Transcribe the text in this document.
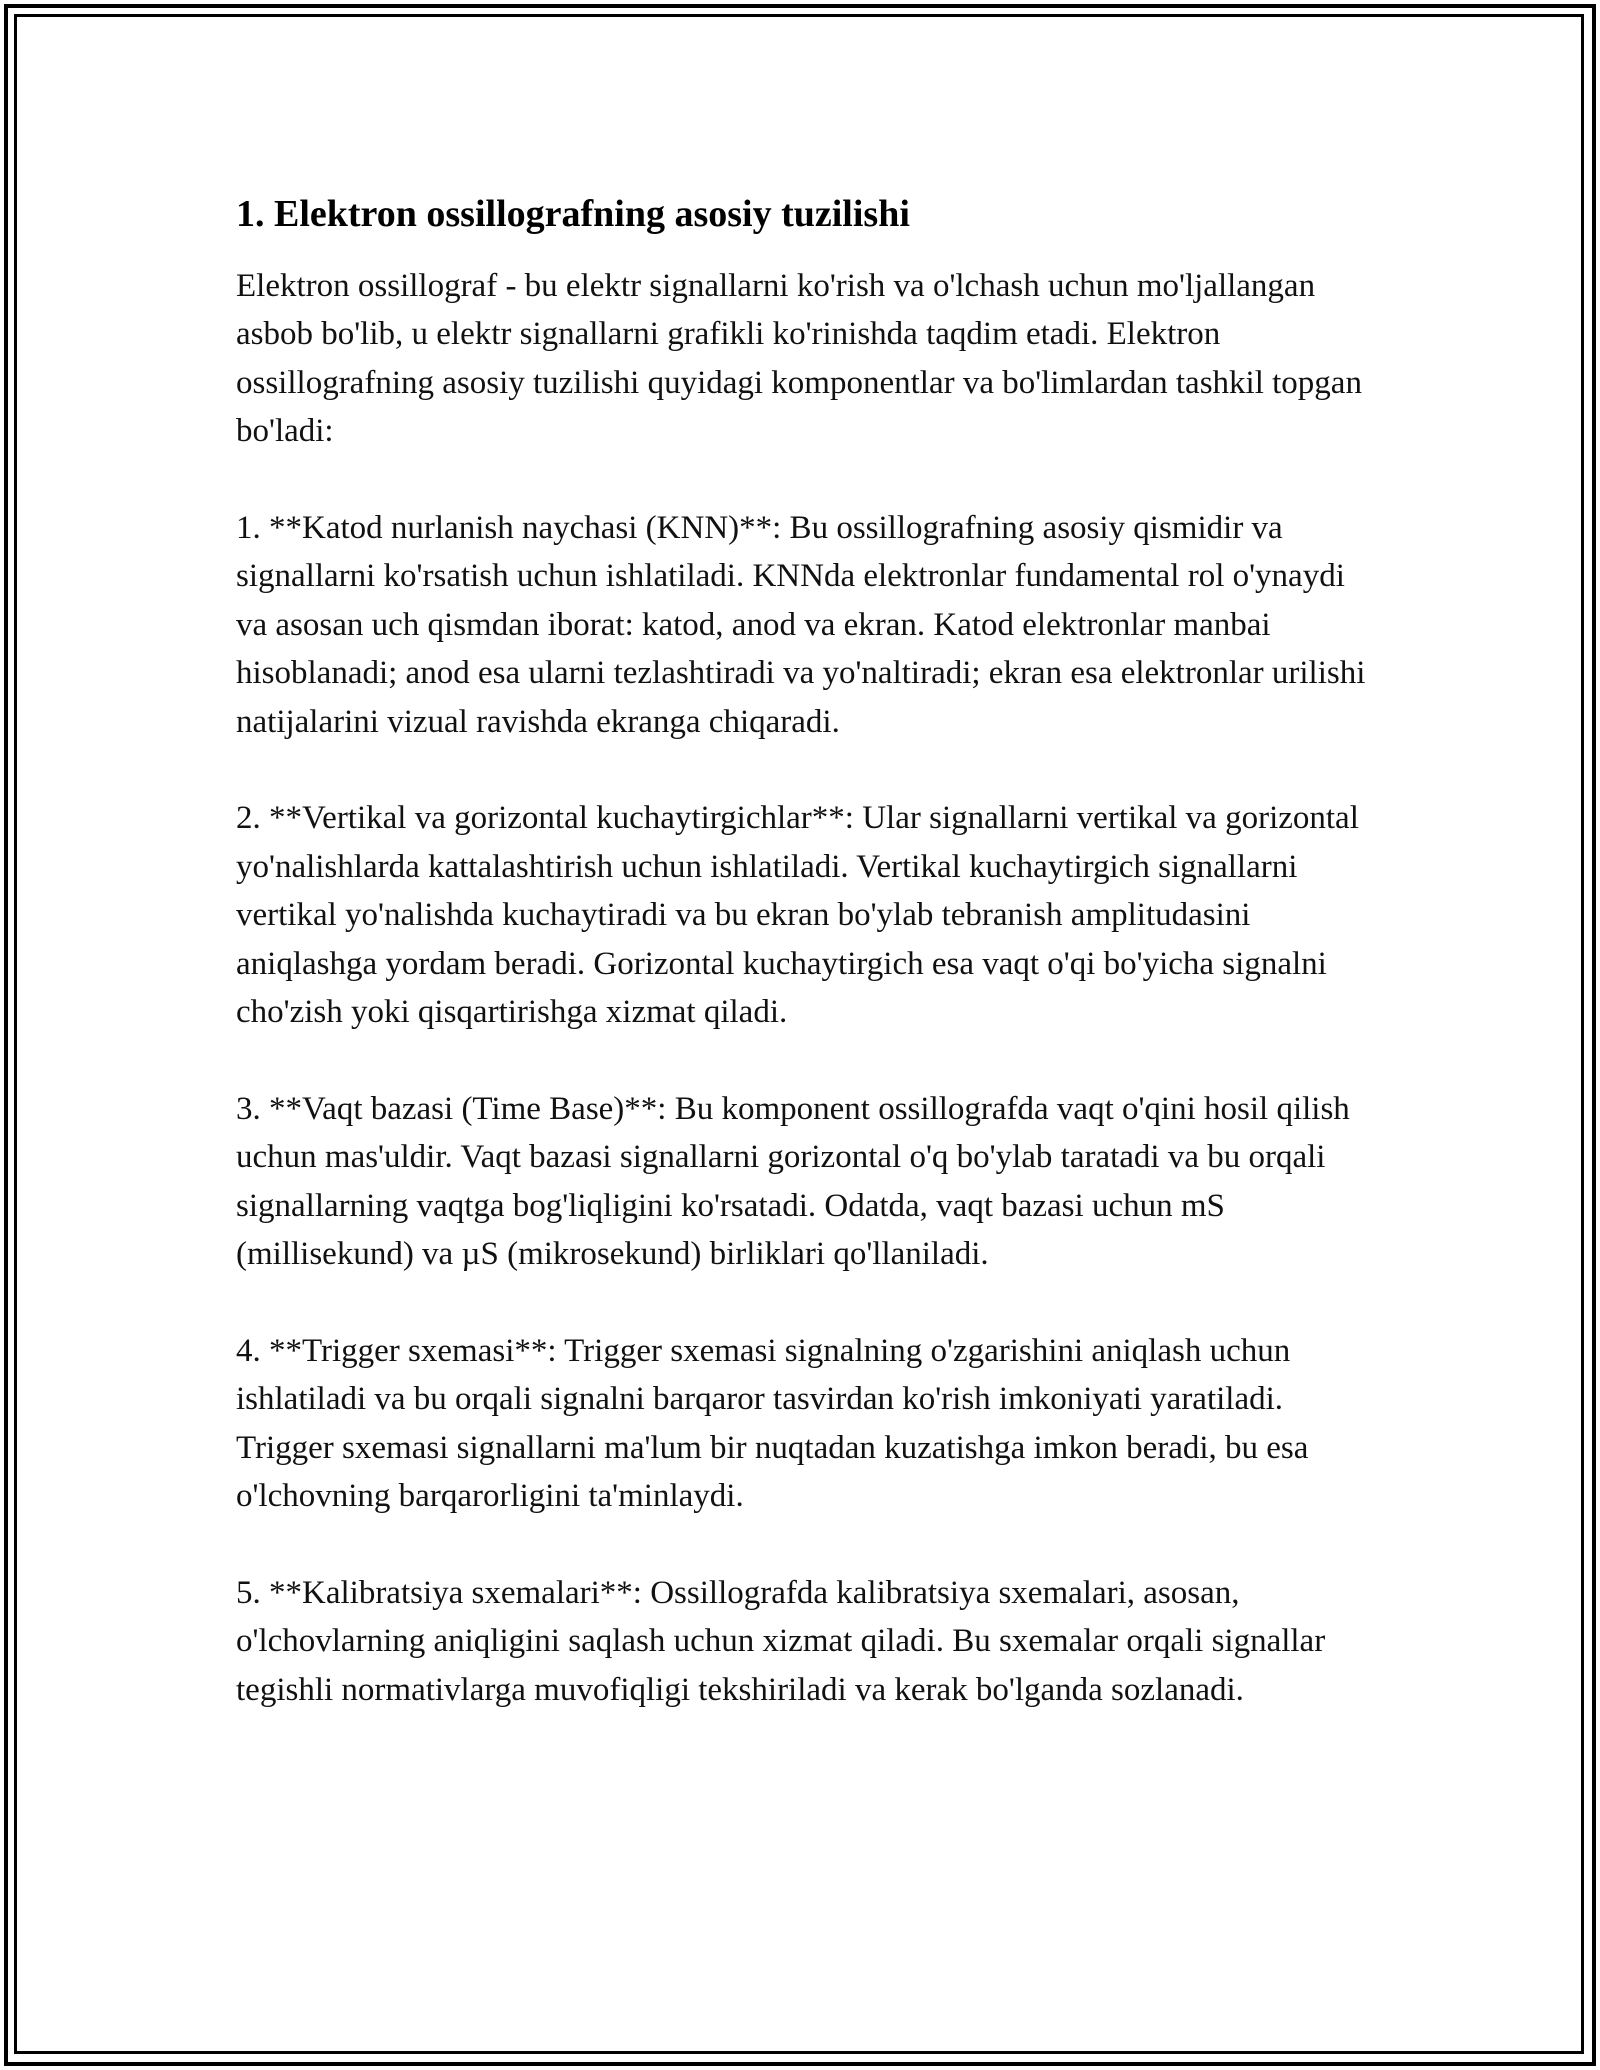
1. Elektron ossillografning asosiy tuzilishi

Elektron ossillograf - bu elektr signallarni ko'rish va o'lchash uchun mo'ljallangan asbob bo'lib, u elektr signallarni grafikli ko'rinishda taqdim etadi. Elektron ossillografning asosiy tuzilishi quyidagi komponentlar va bo'limlardan tashkil topgan bo'ladi:

1. **Katod nurlanish naychasi (KNN)**: Bu ossillografning asosiy qismidir va signallarni ko'rsatish uchun ishlatiladi. KNNda elektronlar fundamental rol o'ynaydi va asosan uch qismdan iborat: katod, anod va ekran. Katod elektronlar manbai hisoblanadi; anod esa ularni tezlashtiradi va yo'naltiradi; ekran esa elektronlar urilishi natijalarini vizual ravishda ekranga chiqaradi.

2. **Vertikal va gorizontal kuchaytirgichlar**: Ular signallarni vertikal va gorizontal yo'nalishlarda kattalashtirish uchun ishlatiladi. Vertikal kuchaytirgich signallarni vertikal yo'nalishda kuchaytiradi va bu ekran bo'ylab tebranish amplitudasini aniqlashga yordam beradi. Gorizontal kuchaytirgich esa vaqt o'qi bo'yicha signalni cho'zish yoki qisqartirishga xizmat qiladi.

3. **Vaqt bazasi (Time Base)**: Bu komponent ossillografda vaqt o'qini hosil qilish uchun mas'uldir. Vaqt bazasi signallarni gorizontal o'q bo'ylab taratadi va bu orqali signallarning vaqtga bog'liqligini ko'rsatadi. Odatda, vaqt bazasi uchun mS (millisekund) va µS (mikrosekund) birliklari qo'llaniladi.

4. **Trigger sxemasi**: Trigger sxemasi signalning o'zgarishini aniqlash uchun ishlatiladi va bu orqali signalni barqaror tasvirdan ko'rish imkoniyati yaratiladi. Trigger sxemasi signallarni ma'lum bir nuqtadan kuzatishga imkon beradi, bu esa o'lchovning barqarorligini ta'minlaydi.

5. **Kalibratsiya sxemalari**: Ossillografda kalibratsiya sxemalari, asosan, o'lchovlarning aniqligini saqlash uchun xizmat qiladi. Bu sxemalar orqali signallar tegishli normativlarga muvofiqligi tekshiriladi va kerak bo'lganda sozlanadi.
